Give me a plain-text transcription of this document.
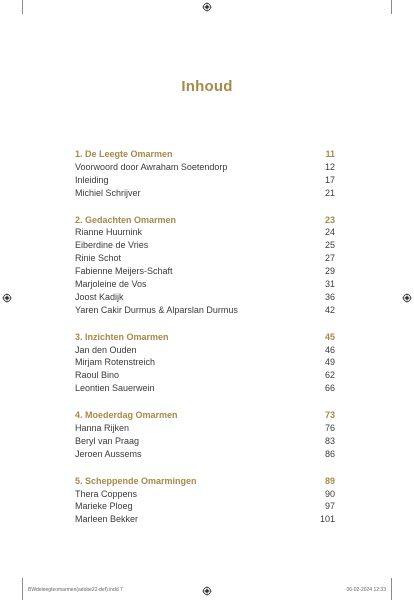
Inhoud
1. De Leegte Omarmen	11
Voorwoord door Awraham Soetendorp	12
Inleiding	17
Michiel Schrijver	21
2. Gedachten Omarmen	23
Rianne Huurnink	24
Eiberdine de Vries	25
Rinie Schot	27
Fabienne Meijers-Schaft	29
Marjoleine de Vos	31
Joost Kadijk	36
Yaren Cakir Durmus & Alparslan Durmus	42
3. Inzichten Omarmen	45
Jan den Ouden	46
Mirjam Rotenstreich	49
Raoul Bino	62
Leontien Sauerwein	66
4. Moederdag Omarmen	73
Hanna Rijken	76
Beryl van Praag	83
Jeroen Aussems	86
5. Scheppende Omarmingen	89
Thera Coppens	90
Marieke Ploeg	97
Marleen Bekker	101
BWdeleegteomarmen(adobe22-def).indd 7	06-02-2024 12:33
